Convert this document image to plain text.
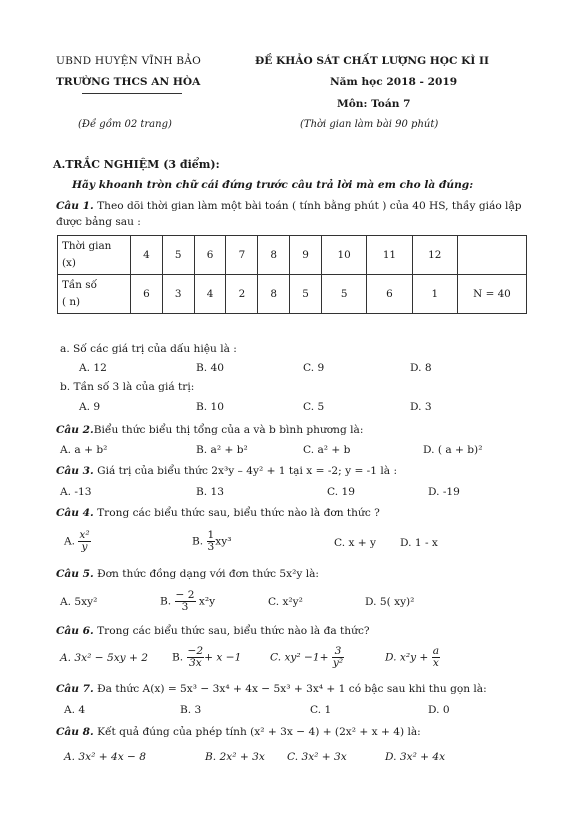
UBND HUYỆN VĨNH BẢO
TRƯỜNG THCS AN HÒA
(Đề gồm 02 trang)
ĐỀ KHẢO SÁT CHẤT LƯỢNG HỌC KÌ II
Năm học 2018 - 2019
Môn: Toán 7
(Thời gian làm bài 90 phút)
A.TRẮC NGHIỆM (3 điểm):
Hãy khoanh tròn chữ cái đứng trước câu trả lời mà em cho là đúng:
Câu 1. Theo dõi thời gian làm một bài toán ( tính bằng phút ) của 40 HS, thầy giáo lập
được bảng sau :
Thời gian
(x)	4	5	6	7	8	9	10	11	12	
Tần số
( n)	6	3	4	2	8	5	5	6	1	N = 40
a. Số các giá trị của dấu hiệu là :
A. 12	B. 40	C. 9	D. 8
b. Tần số 3 là của giá trị:
A. 9	B. 10	C. 5	D. 3
Câu 2.Biểu thức biểu thị tổng của a và b bình phương là:
A. a + b²	B. a² + b²	C. a² + b	D. ( a + b)²
Câu 3. Giá trị của biểu thức 2x³y – 4y² + 1 tại x = -2; y = -1 là :
A. -13	B. 13	C. 19	D. -19
Câu 4. Trong các biểu thức sau, biểu thức nào là đơn thức ?
A. $\frac{\text{x²}}{y}$	B. $\frac{1}{3} xy^3$	C. x + y D. 1 - x
Câu 5. Đơn thức đồng dạng với đơn thức 5x²y là:
A. 5xy²	B. $\frac{- 2}{3} x^2y$	C. x²y²	D. 5( xy)²
Câu 6. Trong các biểu thức sau, biểu thức nào là đa thức?
A. 3x² − 5xy + 2 B. $\frac{-2}{3x} + x -1$	C. $xy^2 -1+ \frac{3}{\text{y²}}$	D. $x^2y + \frac{a}{x}$
Câu 7. Đa thức A(x) = 5x³ − 3x⁴ + 4x − 5x³ + 3x⁴ + 1 có bậc sau khi thu gọn là:
A. 4	B. 3	C. 1	D. 0
Câu 8. Kết quả đúng của phép tính (x² + 3x − 4) + (2x² + x + 4) là:
A. 3x² + 4x − 8	B. 2x² + 3x C. 3x² + 3x	D. 3x² + 4x
